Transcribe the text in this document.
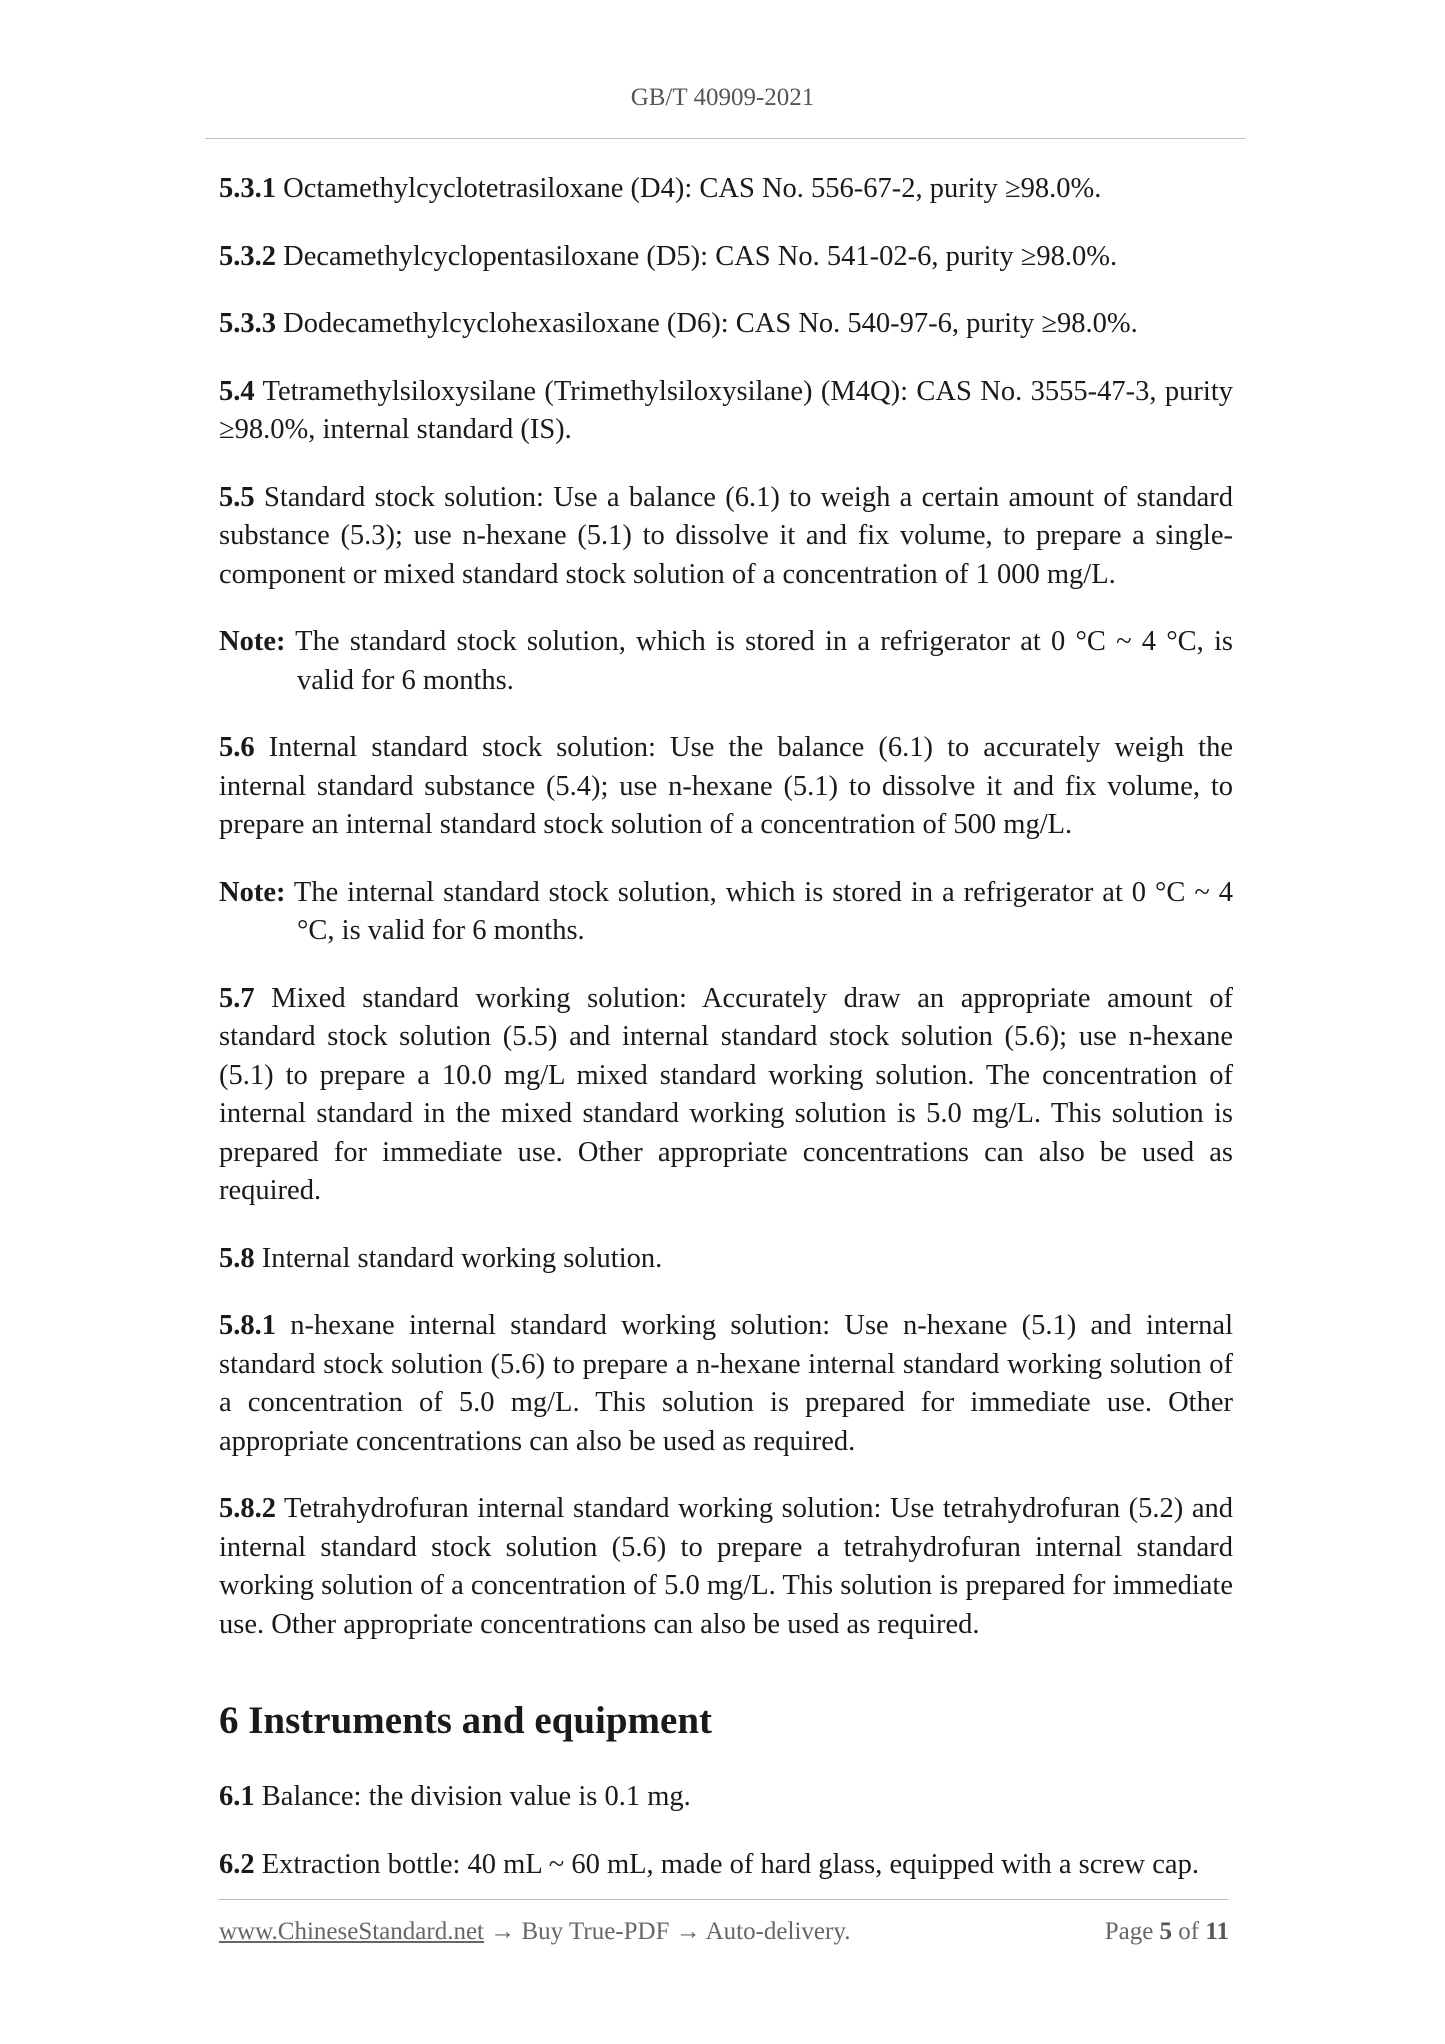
GB/T 40909-2021

5.3.1 Octamethylcyclotetrasiloxane (D4): CAS No. 556-67-2, purity ≥98.0%.

5.3.2 Decamethylcyclopentasiloxane (D5): CAS No. 541-02-6, purity ≥98.0%.

5.3.3 Dodecamethylcyclohexasiloxane (D6): CAS No. 540-97-6, purity ≥98.0%.

5.4 Tetramethylsiloxysilane (Trimethylsiloxysilane) (M4Q): CAS No. 3555-47-3, purity ≥98.0%, internal standard (IS).

5.5 Standard stock solution: Use a balance (6.1) to weigh a certain amount of standard substance (5.3); use n-hexane (5.1) to dissolve it and fix volume, to prepare a single-component or mixed standard stock solution of a concentration of 1 000 mg/L.

Note: The standard stock solution, which is stored in a refrigerator at 0 °C ~ 4 °C, is valid for 6 months.

5.6 Internal standard stock solution: Use the balance (6.1) to accurately weigh the internal standard substance (5.4); use n-hexane (5.1) to dissolve it and fix volume, to prepare an internal standard stock solution of a concentration of 500 mg/L.

Note: The internal standard stock solution, which is stored in a refrigerator at 0 °C ~ 4 °C, is valid for 6 months.

5.7 Mixed standard working solution: Accurately draw an appropriate amount of standard stock solution (5.5) and internal standard stock solution (5.6); use n-hexane (5.1) to prepare a 10.0 mg/L mixed standard working solution. The concentration of internal standard in the mixed standard working solution is 5.0 mg/L. This solution is prepared for immediate use. Other appropriate concentrations can also be used as required.

5.8 Internal standard working solution.

5.8.1 n-hexane internal standard working solution: Use n-hexane (5.1) and internal standard stock solution (5.6) to prepare a n-hexane internal standard working solution of a concentration of 5.0 mg/L. This solution is prepared for immediate use. Other appropriate concentrations can also be used as required.

5.8.2 Tetrahydrofuran internal standard working solution: Use tetrahydrofuran (5.2) and internal standard stock solution (5.6) to prepare a tetrahydrofuran internal standard working solution of a concentration of 5.0 mg/L. This solution is prepared for immediate use. Other appropriate concentrations can also be used as required.

6 Instruments and equipment

6.1 Balance: the division value is 0.1 mg.

6.2 Extraction bottle: 40 mL ~ 60 mL, made of hard glass, equipped with a screw cap.

www.ChineseStandard.net → Buy True-PDF → Auto-delivery.	Page 5 of 11
